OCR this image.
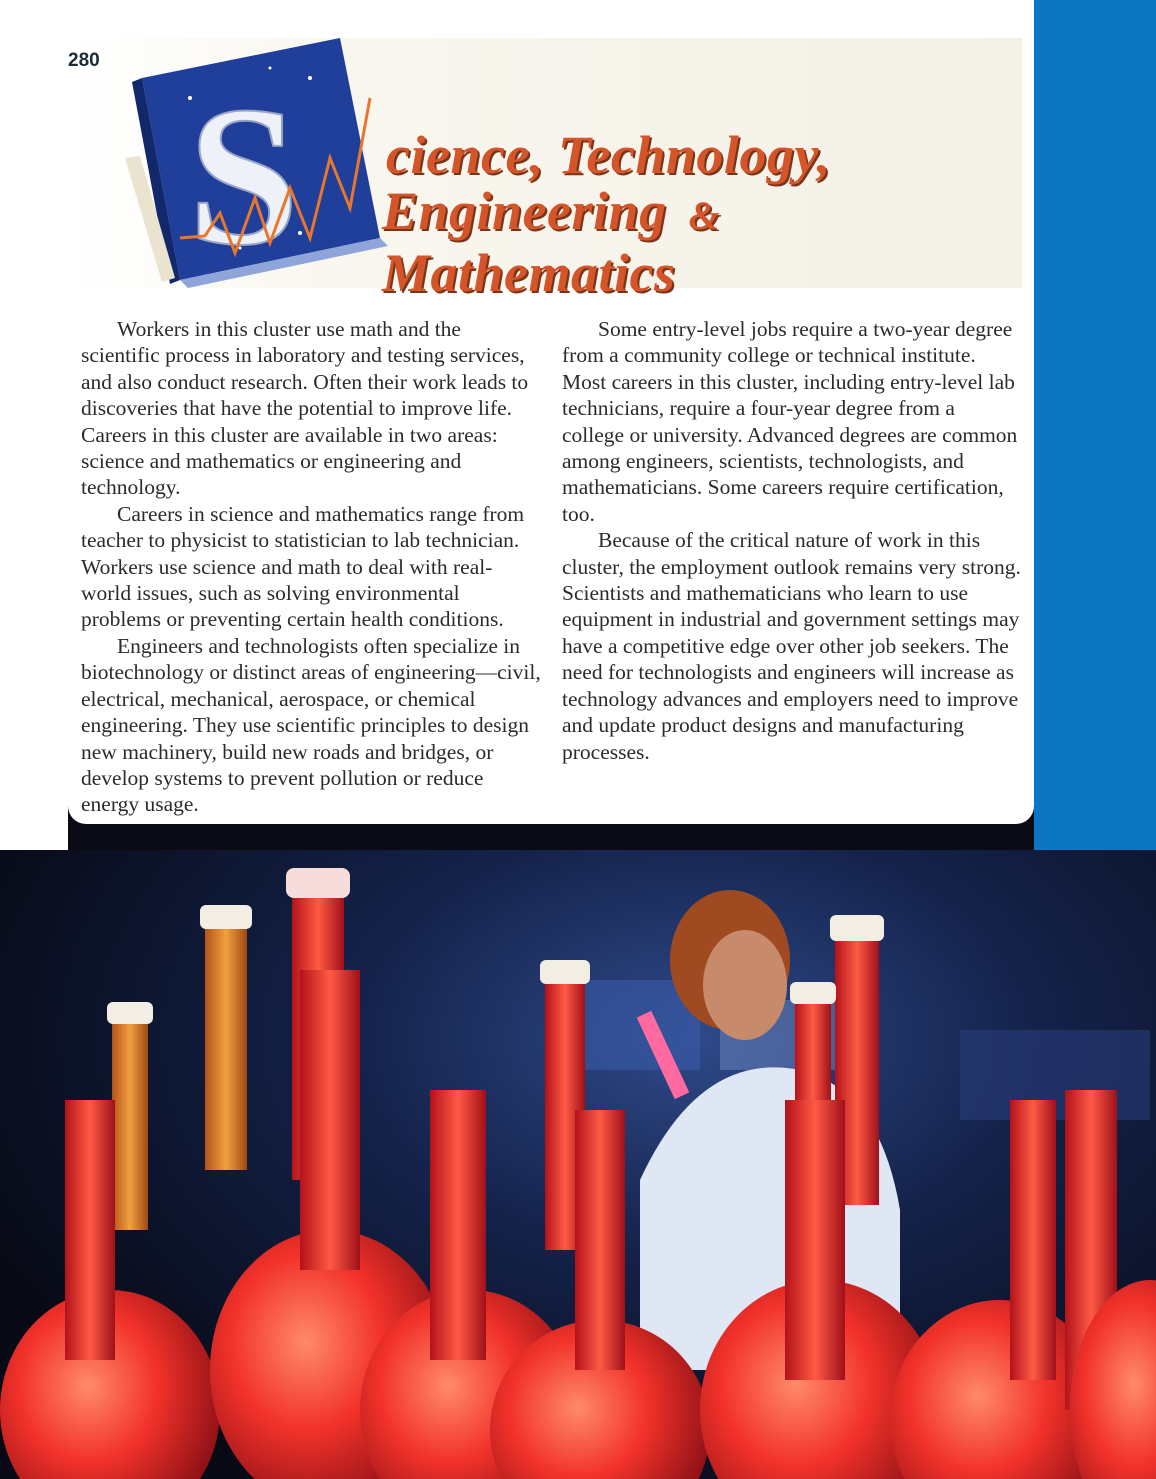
S cience, Technology,
Engineering & Mathematics
280

Workers in this cluster use math and the scientific process in laboratory and testing services, and also conduct research. Often their work leads to discoveries that have the potential to improve life. Careers in this cluster are available in two areas: science and mathematics or engineering and technology.

Careers in science and mathematics range from teacher to physicist to statistician to lab technician. Workers use science and math to deal with real-world issues, such as solving environmental problems or preventing certain health conditions.

Engineers and technologists often specialize in biotechnology or distinct areas of engineering—civil, electrical, mechanical, aerospace, or chemical engineering. They use scientific principles to design new machinery, build new roads and bridges, or develop systems to prevent pollution or reduce energy usage.

Some entry-level jobs require a two-year degree from a community college or technical institute. Most careers in this cluster, including entry-level lab technicians, require a four-year degree from a college or university. Advanced degrees are common among engineers, scientists, technologists, and mathematicians. Some careers require certification, too.

Because of the critical nature of work in this cluster, the employment outlook remains very strong. Scientists and mathematicians who learn to use equipment in industrial and government settings may have a competitive edge over other job seekers. The need for technologists and engineers will increase as technology advances and employers need to improve and update product designs and manufacturing processes.
